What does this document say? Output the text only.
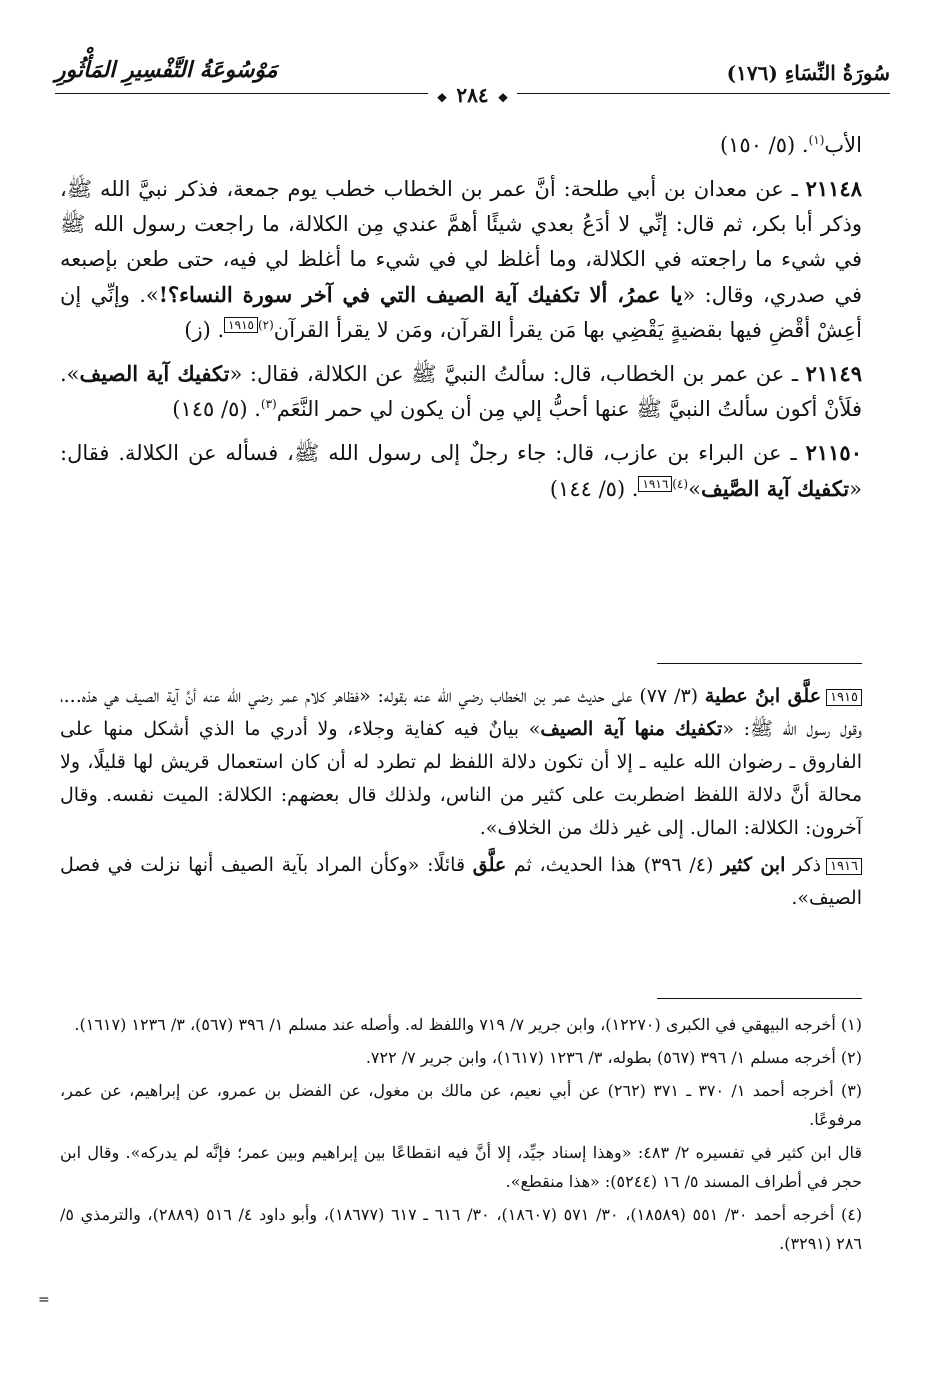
مَوْسُوعَةُ التَّفْسِيرِ المَأْثُورِ	سُورَةُ النِّسَاءِ (١٧٦)
❖ ٢٨٤ ❖

الأب$^{(١)}$. (٥/ ١٥٠)

٢١١٤٨ ـ عن معدان بن أبي طلحة: أنَّ عمر بن الخطاب خطب يوم جمعة، فذكر نبيَّ الله ﷺ، وذكر أبا بكر، ثم قال: إنِّي لا أدَعُ بعدي شيئًا أهمَّ عندي مِن الكلالة، ما راجعت رسول الله ﷺ في شيء ما راجعته في الكلالة، وما أغلظ لي في شيء ما أغلظ لي فيه، حتى طعن بإصبعه في صدري، وقال: «يا عمرُ، ألا تكفيك آية الصيف التي في آخر سورة النساء؟!». وإنِّي إن أعِشْ أقْضِ فيها بقضيةٍ يَقْضِي بها مَن يقرأ القرآن، ومَن لا يقرأ القرآن$^{(٢)}$١٩١٥. (ز)

٢١١٤٩ ـ عن عمر بن الخطاب، قال: سألتُ النبيَّ ﷺ عن الكلالة، فقال: «تكفيك آية الصيف». فلَأنْ أكون سألتُ النبيَّ ﷺ عنها أحبُّ إلي مِن أن يكون لي حمر النَّعَم$^{(٣)}$. (٥/ ١٤٥)

٢١١٥٠ ـ عن البراء بن عازب، قال: جاء رجلٌ إلى رسول الله ﷺ، فسأله عن الكلالة. فقال: «تكفيك آية الصَّيف»$^{(٤)}$١٩١٦. (٥/ ١٤٤)

١٩١٥علَّق ابنُ عطية (٣/ ٧٧) على حديث عمر بن الخطاب رضي الله عنه بقوله: «فظاهر كلام عمر رضي الله عنه أنَّ آية الصيف هي هذه...، وقول رسول الله ﷺ: «تكفيك منها آية الصيف» بيانٌ فيه كفاية وجلاء، ولا أدري ما الذي أشكل منها على الفاروق ـ رضوان الله عليه ـ إلا أن تكون دلالة اللفظ لم تطرد له أن كان استعمال قريش لها قليلًا، ولا محالة أنَّ دلالة اللفظ اضطربت على كثير من الناس، ولذلك قال بعضهم: الكلالة: الميت نفسه. وقال آخرون: الكلالة: المال. إلى غير ذلك من الخلاف».

١٩١٦ذكر ابن كثير (٤/ ٣٩٦) هذا الحديث، ثم علَّق قائلًا: «وكأن المراد بآية الصيف أنها نزلت في فصل الصيف».

(١) أخرجه البيهقي في الكبرى (١٢٢٧٠)، وابن جرير ٧/ ٧١٩ واللفظ له. وأصله عند مسلم ١/ ٣٩٦ (٥٦٧)، ٣/ ١٢٣٦ (١٦١٧).

(٢) أخرجه مسلم ١/ ٣٩٦ (٥٦٧) بطوله، ٣/ ١٢٣٦ (١٦١٧)، وابن جرير ٧/ ٧٢٢.

(٣) أخرجه أحمد ١/ ٣٧٠ ـ ٣٧١ (٢٦٢) عن أبي نعيم، عن مالك بن مغول، عن الفضل بن عمرو، عن إبراهيم، عن عمر، مرفوعًا.

قال ابن كثير في تفسيره ٢/ ٤٨٣: «وهذا إسناد جيِّد، إلا أنَّ فيه انقطاعًا بين إبراهيم وبين عمر؛ فإنَّه لم يدركه». وقال ابن حجر في أطراف المسند ٥/ ١٦ (٥٢٤٤): «هذا منقطع».

(٤) أخرجه أحمد ٣٠/ ٥٥١ (١٨٥٨٩)، ٣٠/ ٥٧١ (١٨٦٠٧)، ٣٠/ ٦١٦ ـ ٦١٧ (١٨٦٧٧)، وأبو داود ٤/ ٥١٦ (٢٨٨٩)، والترمذي ٥/ ٢٨٦ (٣٢٩١).

=
